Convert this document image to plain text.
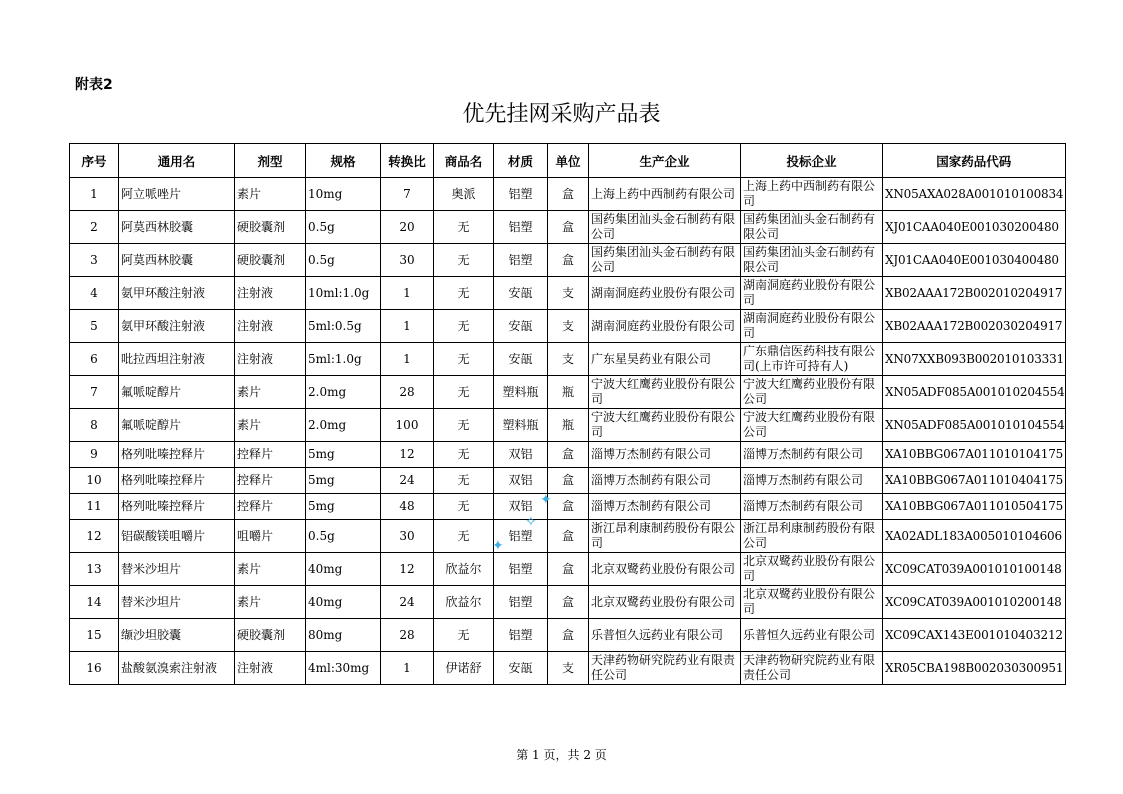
附表2
优先挂网采购产品表
序号	通用名	剂型	规格	转换比	商品名	材质	单位	生产企业	投标企业	国家药品代码
1	阿立哌唑片	素片	10mg	7	奥派	铝塑	盒	上海上药中西制药有限公司	上海上药中西制药有限公司	XN05AXA028A001010100834
2	阿莫西林胶囊	硬胶囊剂	0.5g	20	无	铝塑	盒	国药集团汕头金石制药有限公司	国药集团汕头金石制药有限公司	XJ01CAA040E001030200480
3	阿莫西林胶囊	硬胶囊剂	0.5g	30	无	铝塑	盒	国药集团汕头金石制药有限公司	国药集团汕头金石制药有限公司	XJ01CAA040E001030400480
4	氨甲环酸注射液	注射液	10ml:1.0g	1	无	安瓿	支	湖南洞庭药业股份有限公司	湖南洞庭药业股份有限公司	XB02AAA172B002010204917
5	氨甲环酸注射液	注射液	5ml:0.5g	1	无	安瓿	支	湖南洞庭药业股份有限公司	湖南洞庭药业股份有限公司	XB02AAA172B002030204917
6	吡拉西坦注射液	注射液	5ml:1.0g	1	无	安瓿	支	广东星昊药业有限公司	广东鼎信医药科技有限公司(上市许可持有人)	XN07XXB093B002010103331
7	氟哌啶醇片	素片	2.0mg	28	无	塑料瓶	瓶	宁波大红鹰药业股份有限公司	宁波大红鹰药业股份有限公司	XN05ADF085A001010204554
8	氟哌啶醇片	素片	2.0mg	100	无	塑料瓶	瓶	宁波大红鹰药业股份有限公司	宁波大红鹰药业股份有限公司	XN05ADF085A001010104554
9	格列吡嗪控释片	控释片	5mg	12	无	双铝	盒	淄博万杰制药有限公司	淄博万杰制药有限公司	XA10BBG067A011010104175
10	格列吡嗪控释片	控释片	5mg	24	无	双铝	盒	淄博万杰制药有限公司	淄博万杰制药有限公司	XA10BBG067A011010404175
11	格列吡嗪控释片	控释片	5mg	48	无	双铝	盒	淄博万杰制药有限公司	淄博万杰制药有限公司	XA10BBG067A011010504175
12	铝碳酸镁咀嚼片	咀嚼片	0.5g	30	无	铝塑	盒	浙江昂利康制药股份有限公司	浙江昂利康制药股份有限公司	XA02ADL183A005010104606
13	替米沙坦片	素片	40mg	12	欣益尔	铝塑	盒	北京双鹭药业股份有限公司	北京双鹭药业股份有限公司	XC09CAT039A001010100148
14	替米沙坦片	素片	40mg	24	欣益尔	铝塑	盒	北京双鹭药业股份有限公司	北京双鹭药业股份有限公司	XC09CAT039A001010200148
15	缬沙坦胶囊	硬胶囊剂	80mg	28	无	铝塑	盒	乐普恒久远药业有限公司	乐普恒久远药业有限公司	XC09CAX143E001010403212
16	盐酸氨溴索注射液	注射液	4ml:30mg	1	伊诺舒	安瓿	支	天津药物研究院药业有限责任公司	天津药物研究院药业有限责任公司	XR05CBA198B002030300951
✦
✧
✦
第 1 页，共 2 页
